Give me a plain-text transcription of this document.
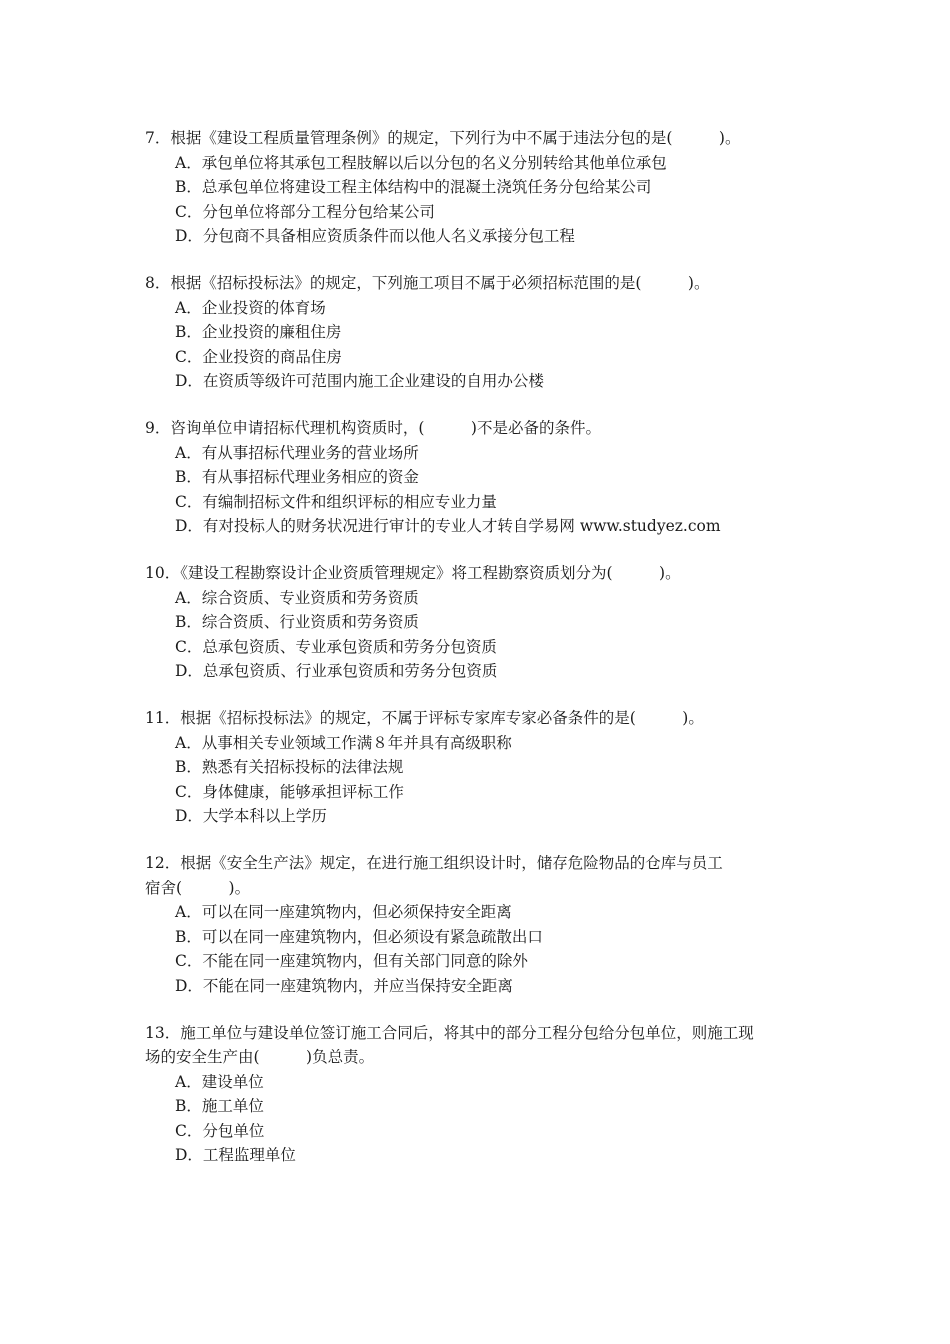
7．根据《建设工程质量管理条例》的规定，下列行为中不属于违法分包的是(　　　)。

A．承包单位将其承包工程肢解以后以分包的名义分别转给其他单位承包

B．总承包单位将建设工程主体结构中的混凝土浇筑任务分包给某公司

C．分包单位将部分工程分包给某公司

D．分包商不具备相应资质条件而以他人名义承接分包工程

8．根据《招标投标法》的规定，下列施工项目不属于必须招标范围的是(　　　)。

A．企业投资的体育场

B．企业投资的廉租住房

C．企业投资的商品住房

D．在资质等级许可范围内施工企业建设的自用办公楼

9．咨询单位申请招标代理机构资质时，(　　　)不是必备的条件。

A．有从事招标代理业务的营业场所

B．有从事招标代理业务相应的资金

C．有编制招标文件和组织评标的相应专业力量

D．有对投标人的财务状况进行审计的专业人才转自学易网 www.studyez.com

10．《建设工程勘察设计企业资质管理规定》将工程勘察资质划分为(　　　)。

A．综合资质、专业资质和劳务资质

B．综合资质、行业资质和劳务资质

C．总承包资质、专业承包资质和劳务分包资质

D．总承包资质、行业承包资质和劳务分包资质

11．根据《招标投标法》的规定，不属于评标专家库专家必备条件的是(　　　)。

A．从事相关专业领域工作满８年并具有高级职称

B．熟悉有关招标投标的法律法规

C．身体健康，能够承担评标工作

D．大学本科以上学历

12．根据《安全生产法》规定，在进行施工组织设计时，储存危险物品的仓库与员工
宿舍(　　　)。

A．可以在同一座建筑物内，但必须保持安全距离

B．可以在同一座建筑物内，但必须设有紧急疏散出口

C．不能在同一座建筑物内，但有关部门同意的除外

D．不能在同一座建筑物内，并应当保持安全距离

13．施工单位与建设单位签订施工合同后，将其中的部分工程分包给分包单位，则施工现
场的安全生产由(　　　)负总责。

A．建设单位

B．施工单位

C．分包单位

D．工程监理单位
